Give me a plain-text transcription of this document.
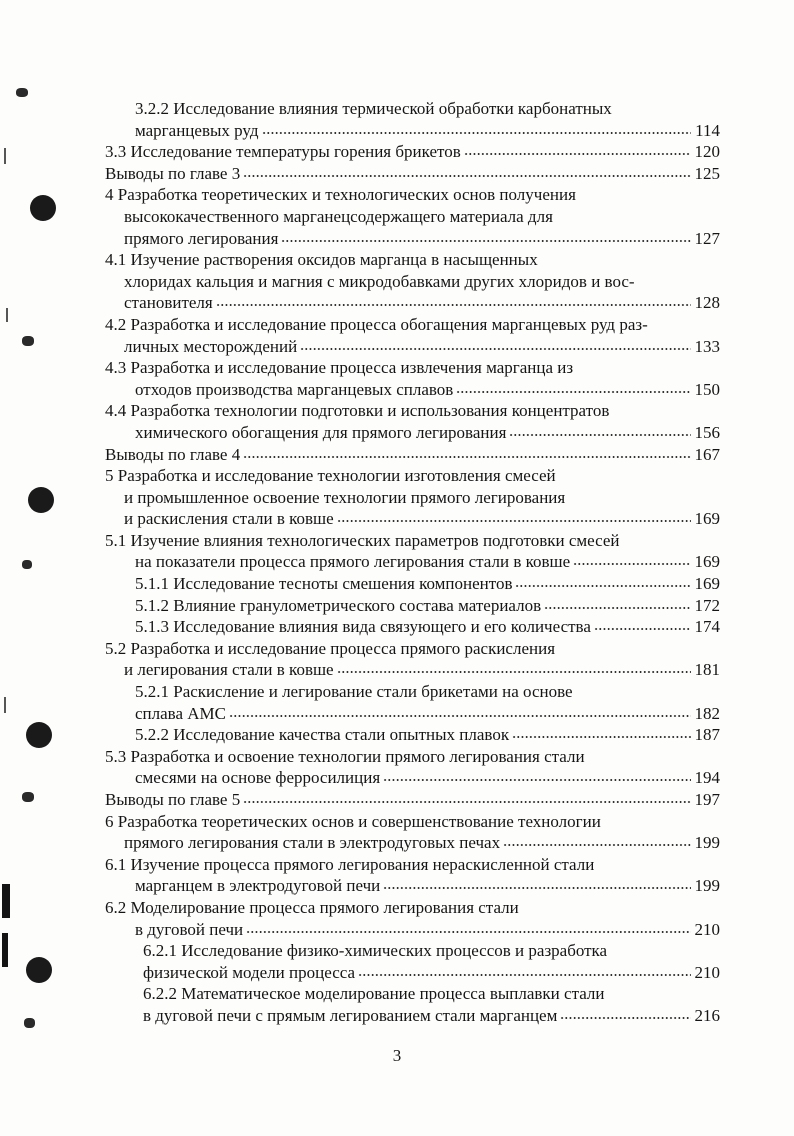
3.2.2 Исследование влияния термической обработки карбонатных
марганцевых руд	114
3.3 Исследование температуры горения брикетов	120
Выводы по главе 3	125
4 Разработка теоретических и технологических основ получения
высококачественного марганецсодержащего материала для
прямого легирования	127
4.1 Изучение растворения оксидов марганца в насыщенных
хлоридах кальция и магния с микродобавками других хлоридов и вос-
становителя	128
4.2 Разработка и исследование процесса обогащения марганцевых руд раз-
личных месторождений	133
4.3 Разработка и исследование процесса извлечения марганца из
отходов производства марганцевых сплавов	150
4.4 Разработка технологии подготовки и использования концентратов
химического обогащения для прямого легирования	156
Выводы по главе 4	167
5 Разработка и исследование технологии изготовления смесей
и промышленное освоение технологии прямого легирования
и раскисления стали в ковше	169
5.1 Изучение влияния технологических параметров подготовки смесей
на показатели процесса прямого легирования стали в ковше	169
5.1.1 Исследование тесноты смешения компонентов	169
5.1.2 Влияние гранулометрического состава материалов	172
5.1.3 Исследование влияния вида связующего и его количества	174
5.2 Разработка и исследование процесса прямого раскисления
и легирования стали в ковше	181
5.2.1 Раскисление и легирование стали брикетами на основе
сплава АМС	182
5.2.2 Исследование качества стали опытных плавок	187
5.3 Разработка и освоение технологии прямого легирования стали
смесями на основе ферросилиция	194
Выводы по главе 5	197
6 Разработка теоретических основ и совершенствование технологии
прямого легирования стали в электродуговых печах	199
6.1 Изучение процесса прямого легирования нераскисленной стали
марганцем в электродуговой печи	199
6.2 Моделирование процесса прямого легирования стали
в дуговой печи	210
6.2.1 Исследование физико-химических процессов и разработка
физической модели процесса	210
6.2.2 Математическое моделирование процесса выплавки стали
в дуговой печи с прямым легированием стали марганцем	216
3
